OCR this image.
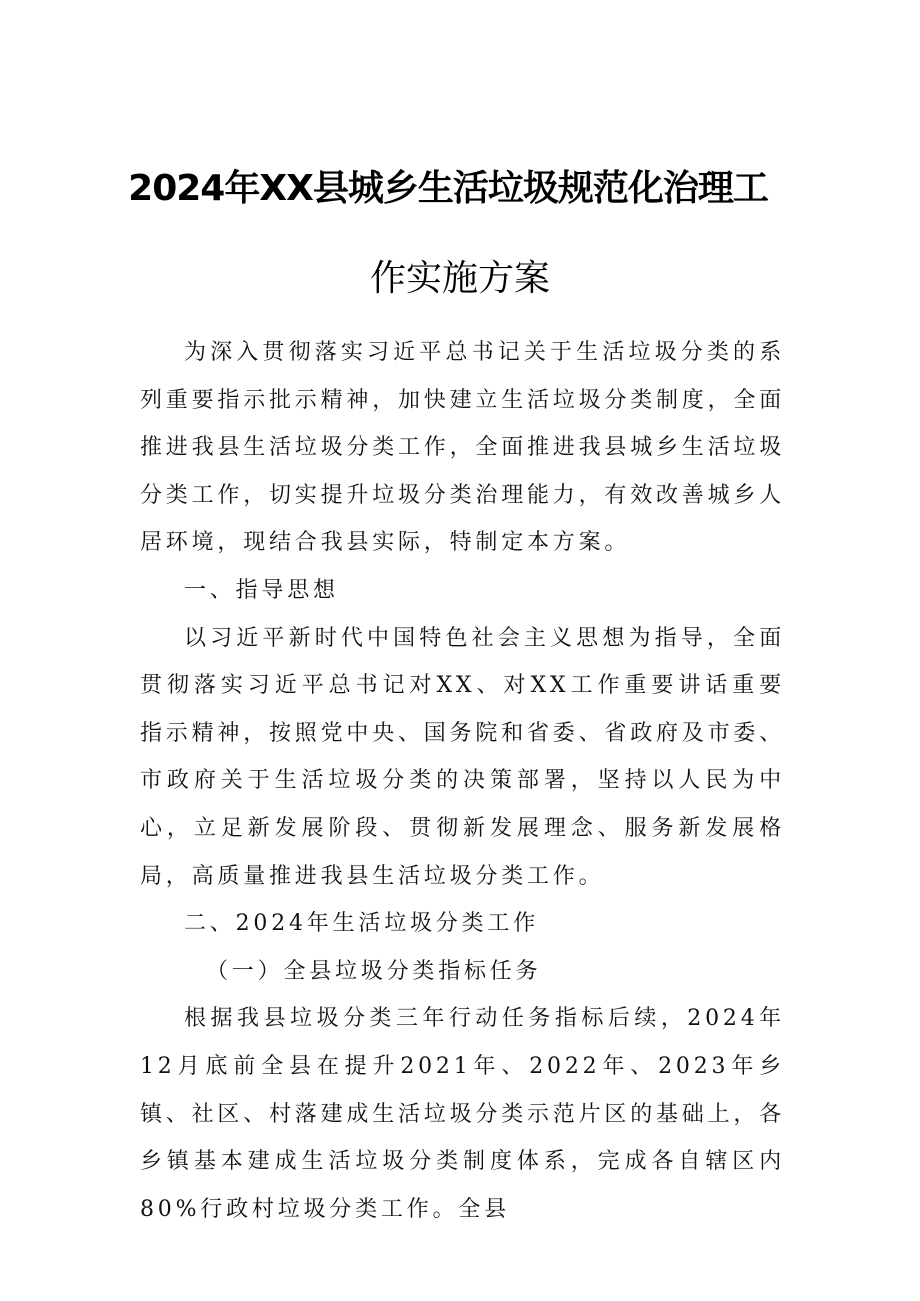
2024年XX县城乡生活垃圾规范化治理工
作实施方案

为深入贯彻落实习近平总书记关于生活垃圾分类的系列重要指示批示精神，加快建立生活垃圾分类制度，全面推进我县生活垃圾分类工作，全面推进我县城乡生活垃圾分类工作，切实提升垃圾分类治理能力，有效改善城乡人居环境，现结合我县实际，特制定本方案。

一、指导思想

以习近平新时代中国特色社会主义思想为指导，全面贯彻落实习近平总书记对XX、对XX工作重要讲话重要指示精神，按照党中央、国务院和省委、省政府及市委、市政府关于生活垃圾分类的决策部署，坚持以人民为中心，立足新发展阶段、贯彻新发展理念、服务新发展格局，高质量推进我县生活垃圾分类工作。

二、2024年生活垃圾分类工作

（一）全县垃圾分类指标任务

根据我县垃圾分类三年行动任务指标后续，2024年12月底前全县在提升2021年、2022年、2023年乡镇、社区、村落建成生活垃圾分类示范片区的基础上，各乡镇基本建成生活垃圾分类制度体系，完成各自辖区内80%行政村垃圾分类工作。全县
